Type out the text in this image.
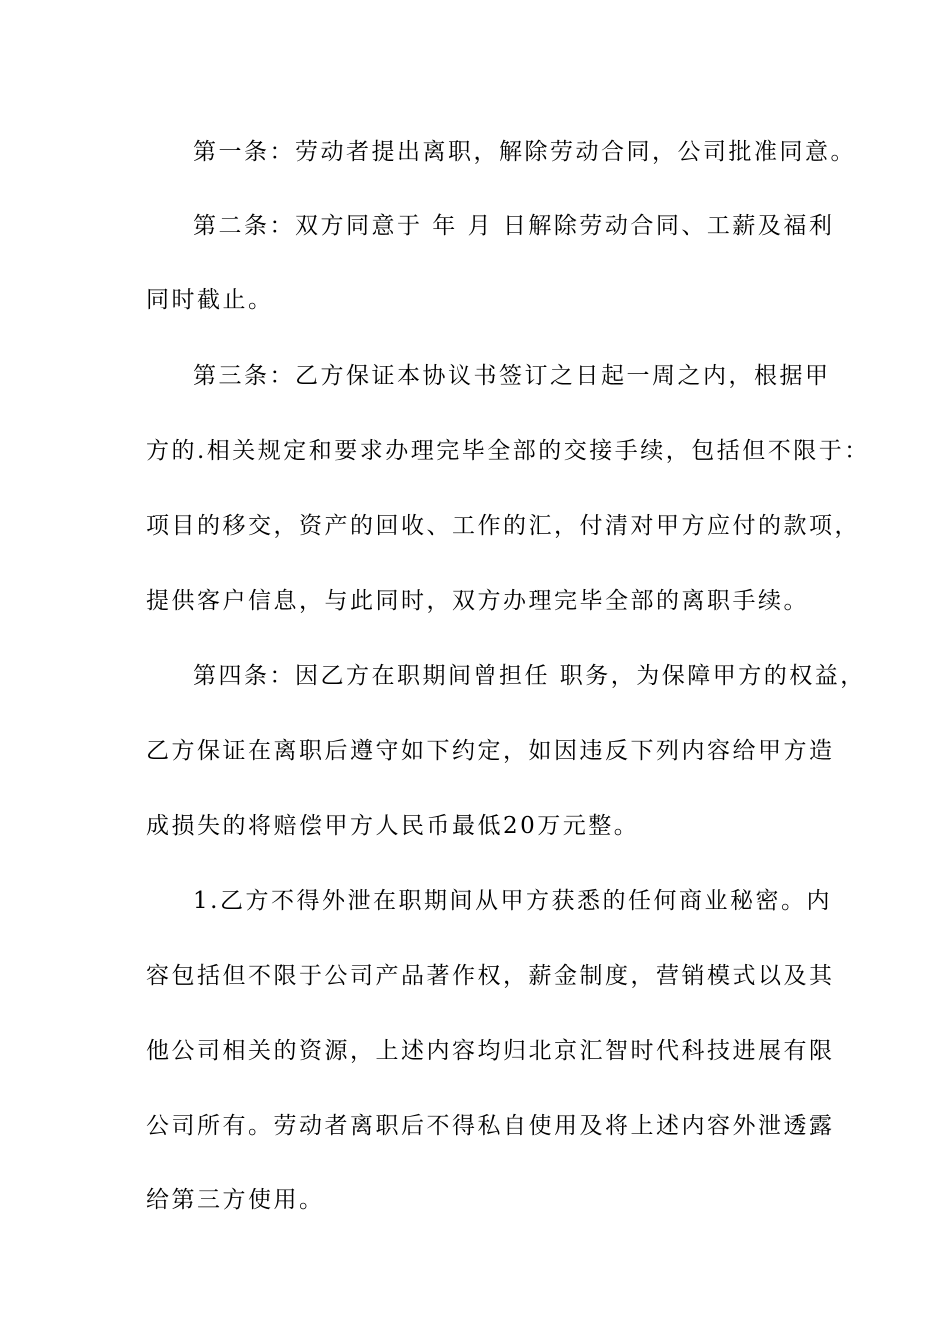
第一条：劳动者提出离职，解除劳动合同，公司批准同意。
第二条：双方同意于 年 月 日解除劳动合同、工薪及福利
同时截止。
第三条：乙方保证本协议书签订之日起一周之内，根据甲
方的.相关规定和要求办理完毕全部的交接手续，包括但不限于：
项目的移交，资产的回收、工作的汇，付清对甲方应付的款项，
提供客户信息，与此同时，双方办理完毕全部的离职手续。
第四条：因乙方在职期间曾担任 职务，为保障甲方的权益，
乙方保证在离职后遵守如下约定，如因违反下列内容给甲方造
成损失的将赔偿甲方人民币最低20万元整。
1.乙方不得外泄在职期间从甲方获悉的任何商业秘密。内
容包括但不限于公司产品著作权，薪金制度，营销模式以及其
他公司相关的资源，上述内容均归北京汇智时代科技进展有限
公司所有。劳动者离职后不得私自使用及将上述内容外泄透露
给第三方使用。
